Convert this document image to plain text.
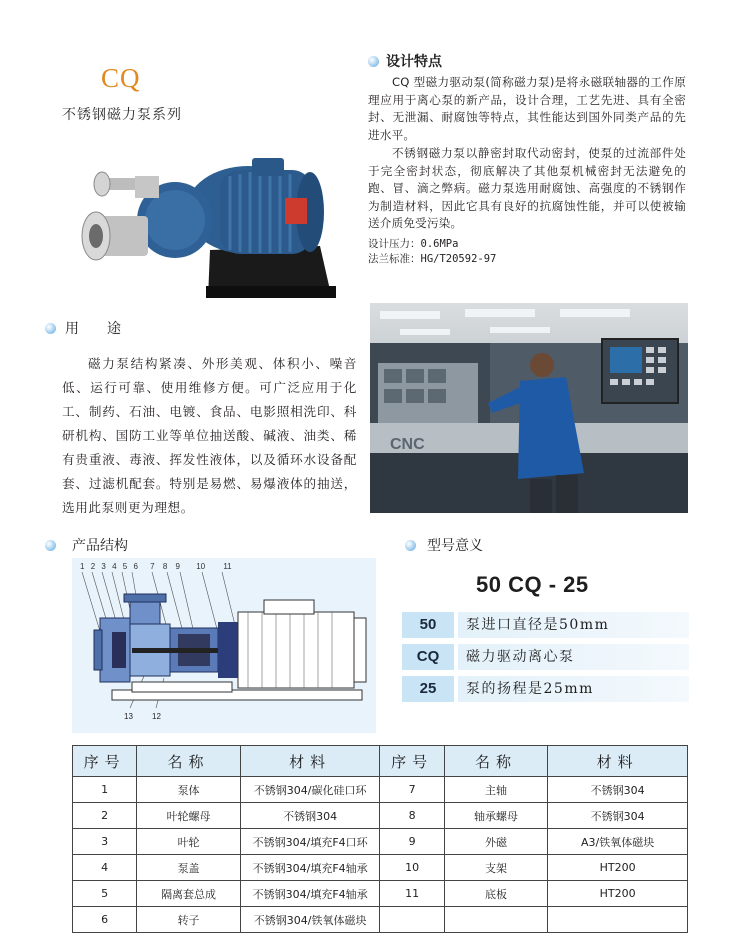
CQ
不锈钢磁力泵系列
设计特点
CQ 型磁力驱动泵(简称磁力泵)是将永磁联轴器的工作原理应用于离心泵的新产品，设计合理，工艺先进、具有全密封、无泄漏、耐腐蚀等特点，其性能达到国外同类产品的先进水平。
不锈钢磁力泵以静密封取代动密封，使泵的过流部件处于完全密封状态，彻底解决了其他泵机械密封无法避免的跑、冒、滴之弊病。磁力泵选用耐腐蚀、高强度的不锈钢作为制造材料，因此它具有良好的抗腐蚀性能，并可以使被输送介质免受污染。
设计压力：0.6MPa
法兰标准：HG/T20592-97
CNC
用　　途
磁力泵结构紧凑、外形美观、体积小、噪音低、运行可靠、使用维修方便。可广泛应用于化工、制药、石油、电镀、食品、电影照相洗印、科研机构、国防工业等单位抽送酸、碱液、油类、稀有贵重液、毒液、挥发性液体，以及循环水设备配套、过滤机配套。特别是易燃、易爆液体的抽送，选用此泵则更为理想。
产品结构
1 2 3 4 5 6 7 8 9 10 11
13 12
型号意义
50 CQ - 25
50	泵进口直径是50mm
CQ	磁力驱动离心泵
25	泵的扬程是25mm
序号	名称	材料	序号	名称	材料
1	泵体	不锈钢304/碳化硅口环	7	主轴	不锈钢304
2	叶轮螺母	不锈钢304	8	轴承螺母	不锈钢304
3	叶轮	不锈钢304/填充F4口环	9	外磁	A3/铁氧体磁块
4	泵盖	不锈钢304/填充F4轴承	10	支架	HT200
5	隔离套总成	不锈钢304/填充F4轴承	11	底板	HT200
6	转子	不锈钢304/铁氧体磁块			
